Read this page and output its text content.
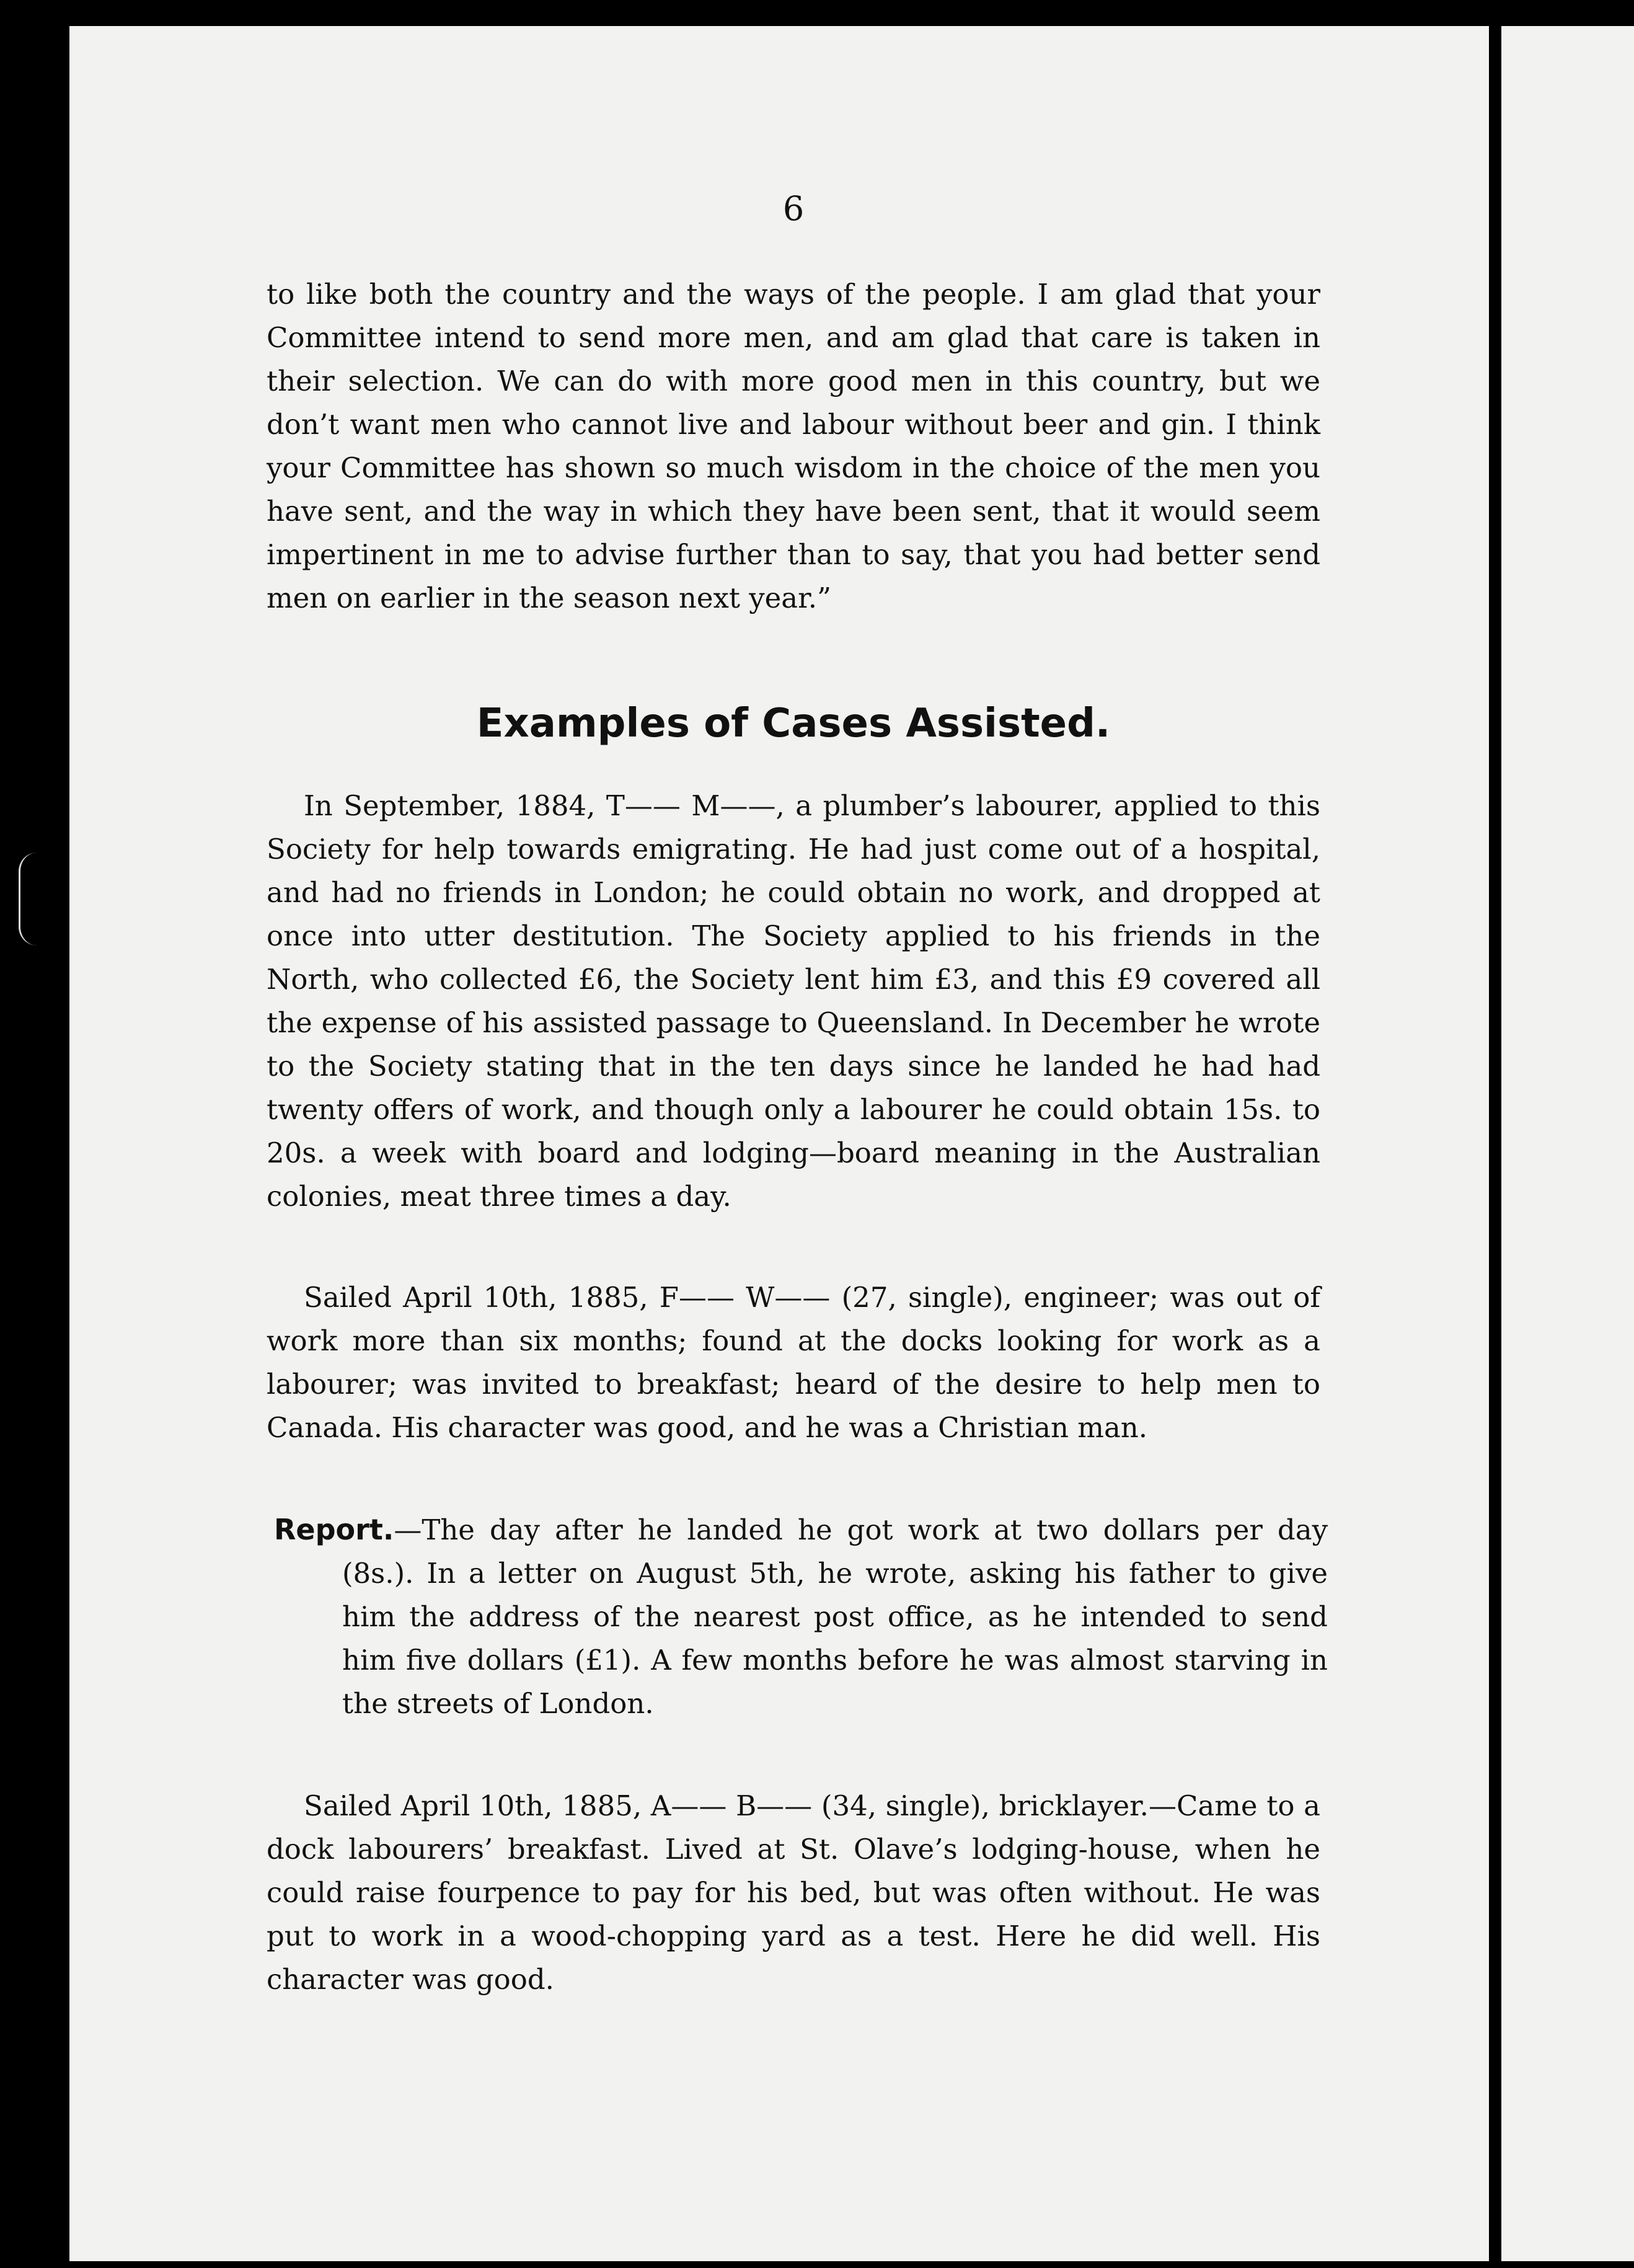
6

to like both the country and the ways of the people. I am glad that your Committee intend to send more men, and am glad that care is taken in their selection. We can do with more good men in this country, but we don’t want men who cannot live and labour without beer and gin. I think your Committee has shown so much wisdom in the choice of the men you have sent, and the way in which they have been sent, that it would seem impertinent in me to advise further than to say, that you had better send men on earlier in the season next year.”

Examples of Cases Assisted.

In September, 1884, T—— M——, a plumber’s labourer, applied to this Society for help towards emigrating. He had just come out of a hospital, and had no friends in London; he could obtain no work, and dropped at once into utter destitution. The Society applied to his friends in the North, who collected £6, the Society lent him £3, and this £9 covered all the expense of his assisted passage to Queensland. In December he wrote to the Society stating that in the ten days since he landed he had had twenty offers of work, and though only a labourer he could obtain 15s. to 20s. a week with board and lodging—board meaning in the Australian colonies, meat three times a day.

Sailed April 10th, 1885, F—— W—— (27, single), engineer; was out of work more than six months; found at the docks looking for work as a labourer; was invited to breakfast; heard of the desire to help men to Canada. His character was good, and he was a Christian man.

Report.—The day after he landed he got work at two dollars per day (8s.). In a letter on August 5th, he wrote, asking his father to give him the address of the nearest post office, as he intended to send him five dollars (£1). A few months before he was almost starving in the streets of London.

Sailed April 10th, 1885, A—— B—— (34, single), bricklayer.—Came to a dock labourers’ breakfast. Lived at St. Olave’s lodging-house, when he could raise fourpence to pay for his bed, but was often without. He was put to work in a wood-chopping yard as a test. Here he did well. His character was good.
